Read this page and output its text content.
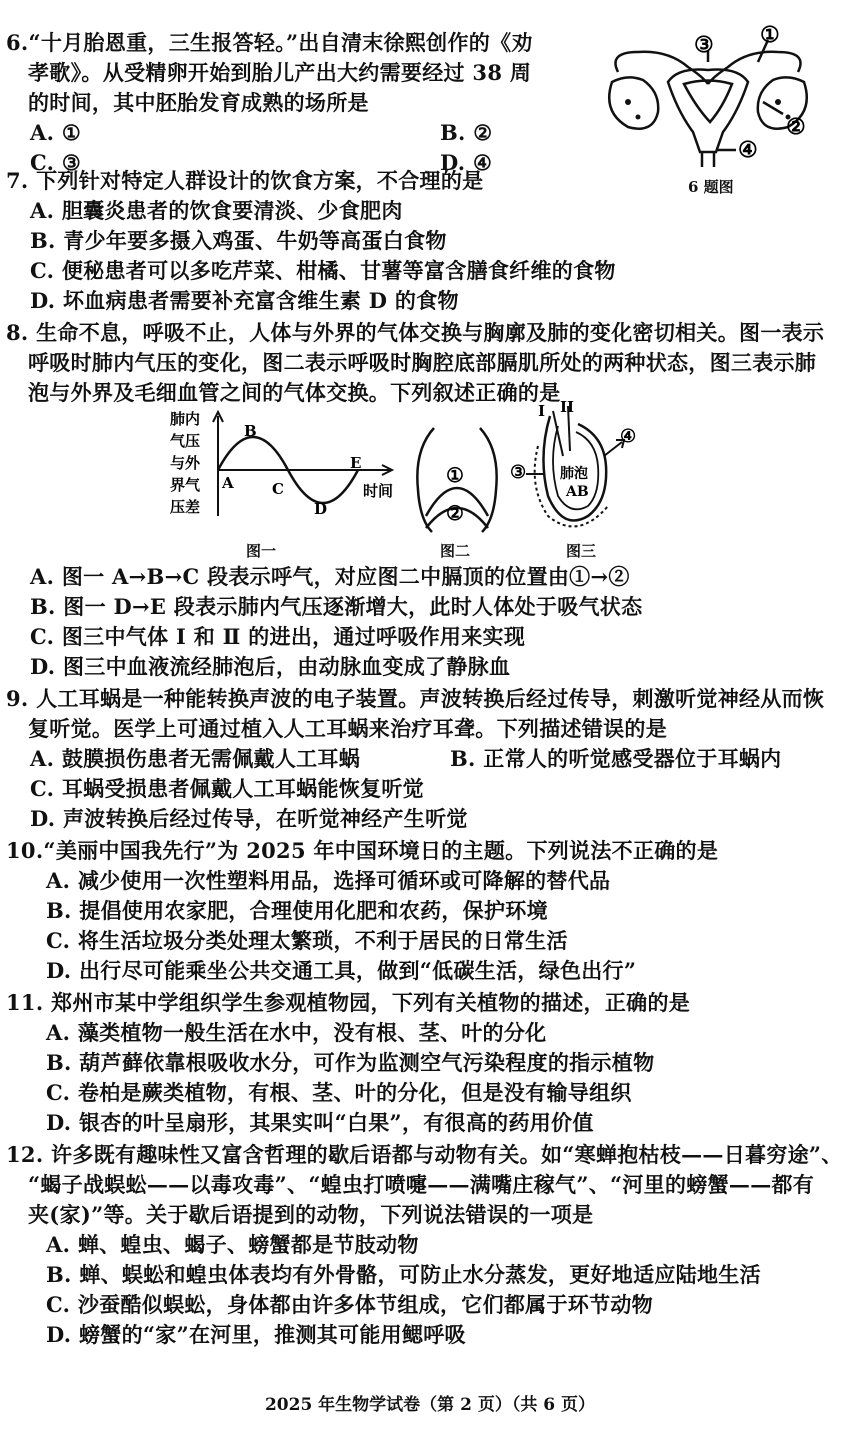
6.“十月胎恩重，三生报答轻。”出自清末徐熙创作的《劝
孝歌》。从受精卵开始到胎儿产出大约需要经过 38 周
的时间，其中胚胎发育成熟的场所是
A. ①	B. ②
C. ③	D. ④
①
③
②
④
6 题图
7. 下列针对特定人群设计的饮食方案，不合理的是
A. 胆囊炎患者的饮食要清淡、少食肥肉
B. 青少年要多摄入鸡蛋、牛奶等高蛋白食物
C. 便秘患者可以多吃芹菜、柑橘、甘薯等富含膳食纤维的食物
D. 坏血病患者需要补充富含维生素 D 的食物
8. 生命不息，呼吸不止，人体与外界的气体交换与胸廓及肺的变化密切相关。图一表示
呼吸时肺内气压的变化，图二表示呼吸时胸腔底部膈肌所处的两种状态，图三表示肺
泡与外界及毛细血管之间的气体交换。下列叙述正确的是
肺内
气压
与外
界气
压差
A
B
C
D
E
时间
图一
①
②
图二
I II
③
④
肺泡
AB
图三
A. 图一 A→B→C 段表示呼气，对应图二中膈顶的位置由①→②
B. 图一 D→E 段表示肺内气压逐渐增大，此时人体处于吸气状态
C. 图三中气体 Ⅰ 和 Ⅱ 的进出，通过呼吸作用来实现
D. 图三中血液流经肺泡后，由动脉血变成了静脉血
9. 人工耳蜗是一种能转换声波的电子装置。声波转换后经过传导，刺激听觉神经从而恢
复听觉。医学上可通过植入人工耳蜗来治疗耳聋。下列描述错误的是
A. 鼓膜损伤患者无需佩戴人工耳蜗	B. 正常人的听觉感受器位于耳蜗内
C. 耳蜗受损患者佩戴人工耳蜗能恢复听觉
D. 声波转换后经过传导，在听觉神经产生听觉
10.“美丽中国我先行”为 2025 年中国环境日的主题。下列说法不正确的是
A. 减少使用一次性塑料用品，选择可循环或可降解的替代品
B. 提倡使用农家肥，合理使用化肥和农药，保护环境
C. 将生活垃圾分类处理太繁琐，不利于居民的日常生活
D. 出行尽可能乘坐公共交通工具，做到“低碳生活，绿色出行”
11. 郑州市某中学组织学生参观植物园，下列有关植物的描述，正确的是
A. 藻类植物一般生活在水中，没有根、茎、叶的分化
B. 葫芦藓依靠根吸收水分，可作为监测空气污染程度的指示植物
C. 卷柏是蕨类植物，有根、茎、叶的分化，但是没有输导组织
D. 银杏的叶呈扇形，其果实叫“白果”，有很高的药用价值
12. 许多既有趣味性又富含哲理的歇后语都与动物有关。如“寒蝉抱枯枝——日暮穷途”、
“蝎子战蜈蚣——以毒攻毒”、“蝗虫打喷嚏——满嘴庄稼气”、“河里的螃蟹——都有
夹(家)”等。关于歇后语提到的动物，下列说法错误的一项是
A. 蝉、蝗虫、蝎子、螃蟹都是节肢动物
B. 蝉、蜈蚣和蝗虫体表均有外骨骼，可防止水分蒸发，更好地适应陆地生活
C. 沙蚕酷似蜈蚣，身体都由许多体节组成，它们都属于环节动物
D. 螃蟹的“家”在河里，推测其可能用鳃呼吸
2025 年生物学试卷（第 2 页）（共 6 页）
